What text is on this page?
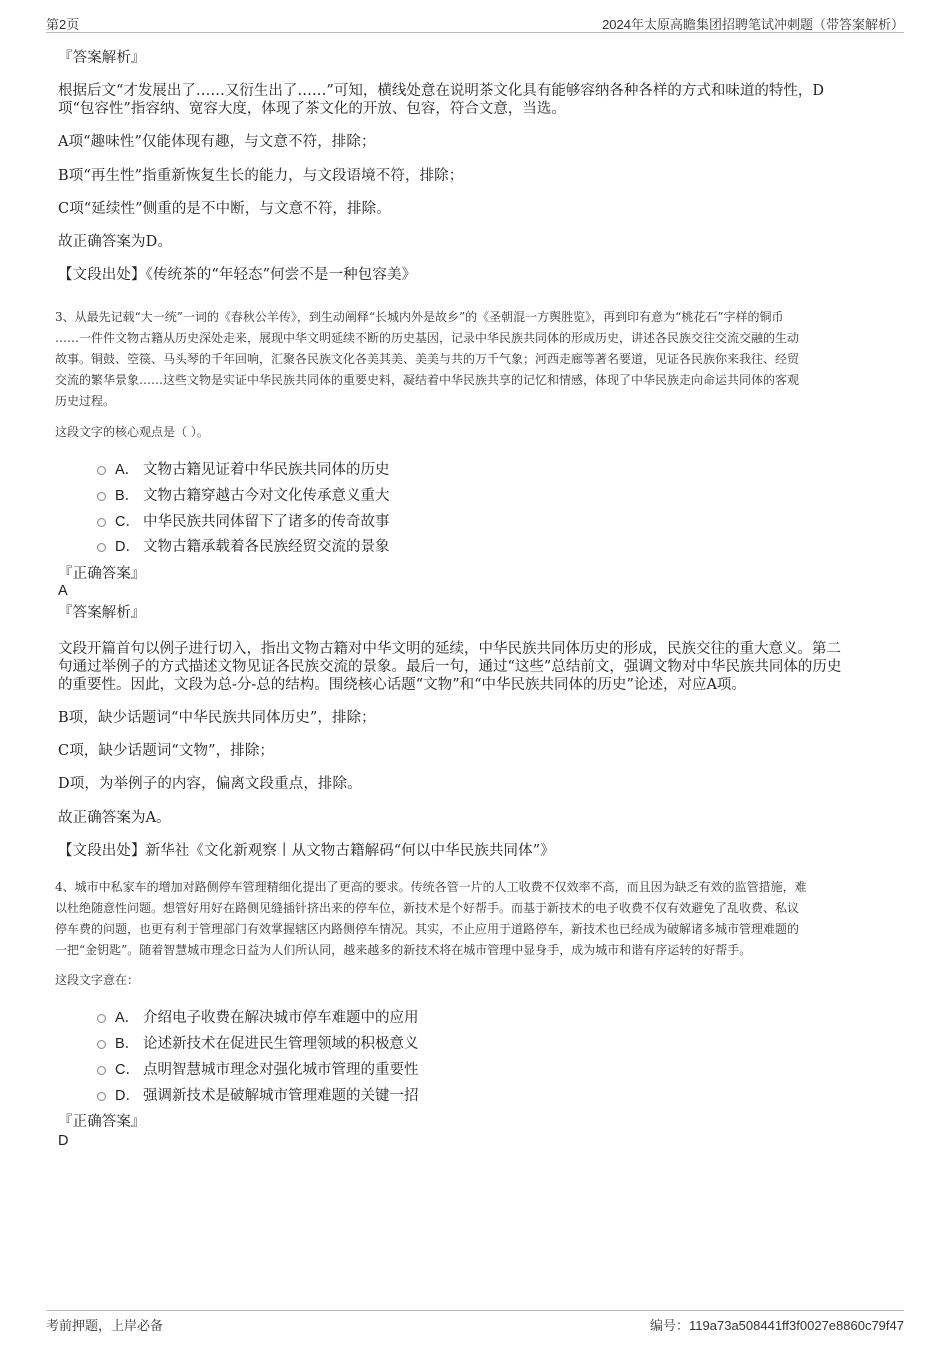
第2页	2024年太原高瞻集团招聘笔试冲刺题（带答案解析）

『答案解析』

根据后文“才发展出了……又衍生出了……”可知，横线处意在说明茶文化具有能够容纳各种各样的方式和味道的特性，D
项“包容性”指容纳、宽容大度，体现了茶文化的开放、包容，符合文意，当选。

A项“趣味性”仅能体现有趣，与文意不符，排除；

B项“再生性”指重新恢复生长的能力，与文段语境不符，排除；

C项“延续性”侧重的是不中断，与文意不符，排除。

故正确答案为D。

【文段出处】《传统茶的“年轻态”何尝不是一种包容美》

3、从最先记载“大一统”一词的《春秋公羊传》，到生动阐释“长城内外是故乡”的《圣朝混一方舆胜览》，再到印有意为“桃花石”字样的铜币
……一件件文物古籍从历史深处走来，展现中华文明延续不断的历史基因，记录中华民族共同体的形成历史，讲述各民族交往交流交融的生动
故事。铜鼓、箜篌、马头琴的千年回响，汇聚各民族文化各美其美、美美与共的万千气象；河西走廊等著名要道，见证各民族你来我往、经贸
交流的繁华景象……这些文物是实证中华民族共同体的重要史料，凝结着中华民族共享的记忆和情感，体现了中华民族走向命运共同体的客观
历史过程。

这段文字的核心观点是（ ）。

A． 文物古籍见证着中华民族共同体的历史
B． 文物古籍穿越古今对文化传承意义重大
C． 中华民族共同体留下了诸多的传奇故事
D． 文物古籍承载着各民族经贸交流的景象

『正确答案』

A

『答案解析』

文段开篇首句以例子进行切入，指出文物古籍对中华文明的延续，中华民族共同体历史的形成，民族交往的重大意义。第二
句通过举例子的方式描述文物见证各民族交流的景象。最后一句，通过“这些”总结前文，强调文物对中华民族共同体的历史
的重要性。因此，文段为总-分-总的结构。围绕核心话题“文物”和“中华民族共同体的历史”论述，对应A项。

B项，缺少话题词“中华民族共同体历史”，排除；

C项，缺少话题词“文物”，排除；

D项，为举例子的内容，偏离文段重点，排除。

故正确答案为A。

【文段出处】新华社《文化新观察丨从文物古籍解码“何以中华民族共同体”》

4、城市中私家车的增加对路侧停车管理精细化提出了更高的要求。传统各管一片的人工收费不仅效率不高，而且因为缺乏有效的监管措施，难
以杜绝随意性问题。想管好用好在路侧见缝插针挤出来的停车位，新技术是个好帮手。而基于新技术的电子收费不仅有效避免了乱收费、私议
停车费的问题，也更有利于管理部门有效掌握辖区内路侧停车情况。其实，不止应用于道路停车，新技术也已经成为破解诸多城市管理难题的
一把“金钥匙”。随着智慧城市理念日益为人们所认同，越来越多的新技术将在城市管理中显身手，成为城市和谐有序运转的好帮手。

这段文字意在：

A． 介绍电子收费在解决城市停车难题中的应用
B． 论述新技术在促进民生管理领域的积极意义
C． 点明智慧城市理念对强化城市管理的重要性
D． 强调新技术是破解城市管理难题的关键一招

『正确答案』

D

考前押题，上岸必备	编号：119a73a508441ff3f0027e8860c79f47
